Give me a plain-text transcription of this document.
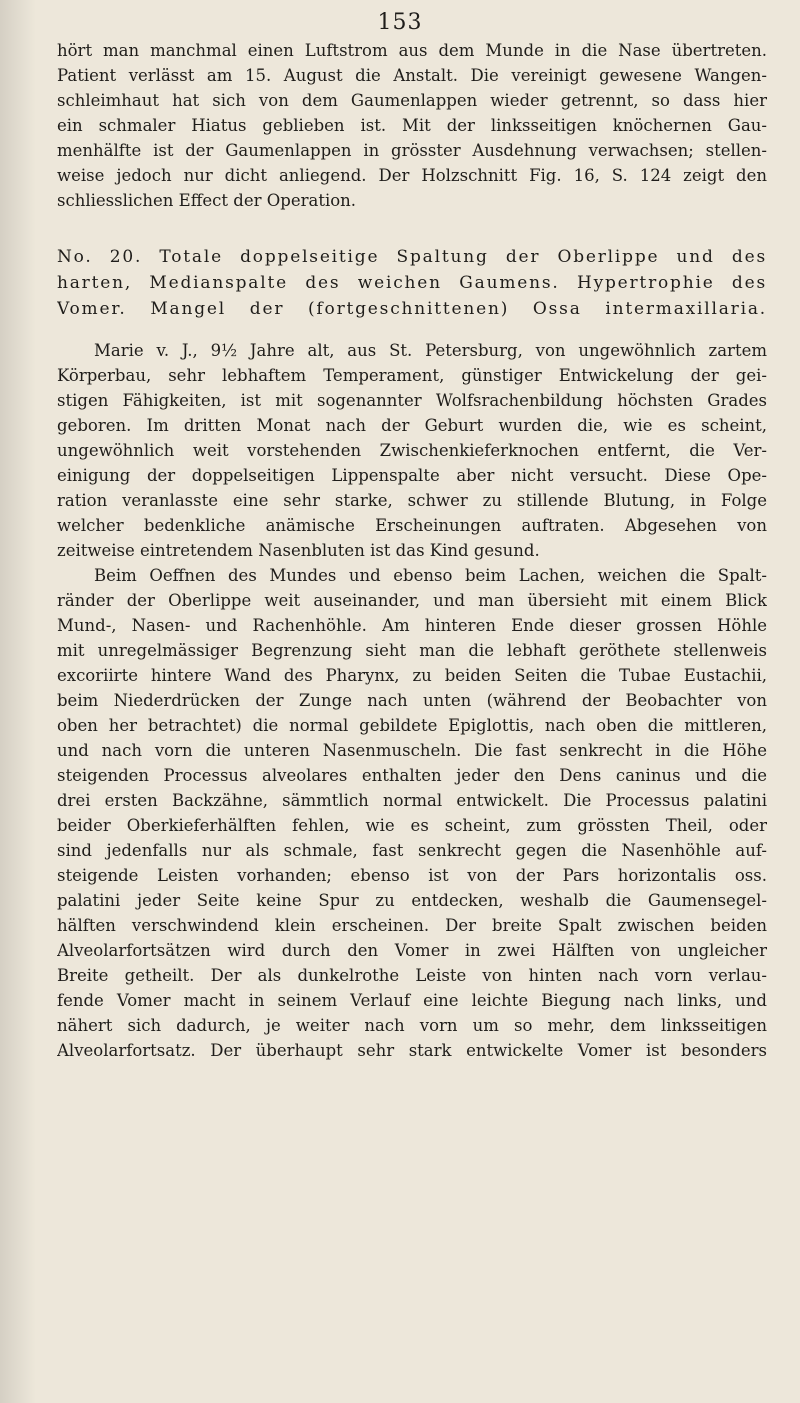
153
hört man manchmal einen Luftstrom aus dem Munde in die Nase übertreten.
Patient verlässt am 15. August die Anstalt. Die vereinigt gewesene Wangen-
schleimhaut hat sich von dem Gaumenlappen wieder getrennt, so dass hier
ein schmaler Hiatus geblieben ist. Mit der linksseitigen knöchernen Gau-
menhälfte ist der Gaumenlappen in grösster Ausdehnung verwachsen; stellen-
weise jedoch nur dicht anliegend. Der Holzschnitt Fig. 16, S. 124 zeigt den
schliesslichen Effect der Operation.
No. 20. Totale doppelseitige Spaltung der Oberlippe und des
harten, Medianspalte des weichen Gaumens. Hypertrophie des
Vomer. Mangel der (fortgeschnittenen) Ossa intermaxillaria.
Marie v. J., 9½ Jahre alt, aus St. Petersburg, von ungewöhnlich zartem
Körperbau, sehr lebhaftem Temperament, günstiger Entwickelung der gei-
stigen Fähigkeiten, ist mit sogenannter Wolfsrachenbildung höchsten Grades
geboren. Im dritten Monat nach der Geburt wurden die, wie es scheint,
ungewöhnlich weit vorstehenden Zwischenkieferknochen entfernt, die Ver-
einigung der doppelseitigen Lippenspalte aber nicht versucht. Diese Ope-
ration veranlasste eine sehr starke, schwer zu stillende Blutung, in Folge
welcher bedenkliche anämische Erscheinungen auftraten. Abgesehen von
zeitweise eintretendem Nasenbluten ist das Kind gesund.
Beim Oeffnen des Mundes und ebenso beim Lachen, weichen die Spalt-
ränder der Oberlippe weit auseinander, und man übersieht mit einem Blick
Mund-, Nasen- und Rachenhöhle. Am hinteren Ende dieser grossen Höhle
mit unregelmässiger Begrenzung sieht man die lebhaft geröthete stellenweis
excoriirte hintere Wand des Pharynx, zu beiden Seiten die Tubae Eustachii,
beim Niederdrücken der Zunge nach unten (während der Beobachter von
oben her betrachtet) die normal gebildete Epiglottis, nach oben die mittleren,
und nach vorn die unteren Nasenmuscheln. Die fast senkrecht in die Höhe
steigenden Processus alveolares enthalten jeder den Dens caninus und die
drei ersten Backzähne, sämmtlich normal entwickelt. Die Processus palatini
beider Oberkieferhälften fehlen, wie es scheint, zum grössten Theil, oder
sind jedenfalls nur als schmale, fast senkrecht gegen die Nasenhöhle auf-
steigende Leisten vorhanden; ebenso ist von der Pars horizontalis oss.
palatini jeder Seite keine Spur zu entdecken, weshalb die Gaumensegel-
hälften verschwindend klein erscheinen. Der breite Spalt zwischen beiden
Alveolarfortsätzen wird durch den Vomer in zwei Hälften von ungleicher
Breite getheilt. Der als dunkelrothe Leiste von hinten nach vorn verlau-
fende Vomer macht in seinem Verlauf eine leichte Biegung nach links, und
nähert sich dadurch, je weiter nach vorn um so mehr, dem linksseitigen
Alveolarfortsatz. Der überhaupt sehr stark entwickelte Vomer ist besonders
